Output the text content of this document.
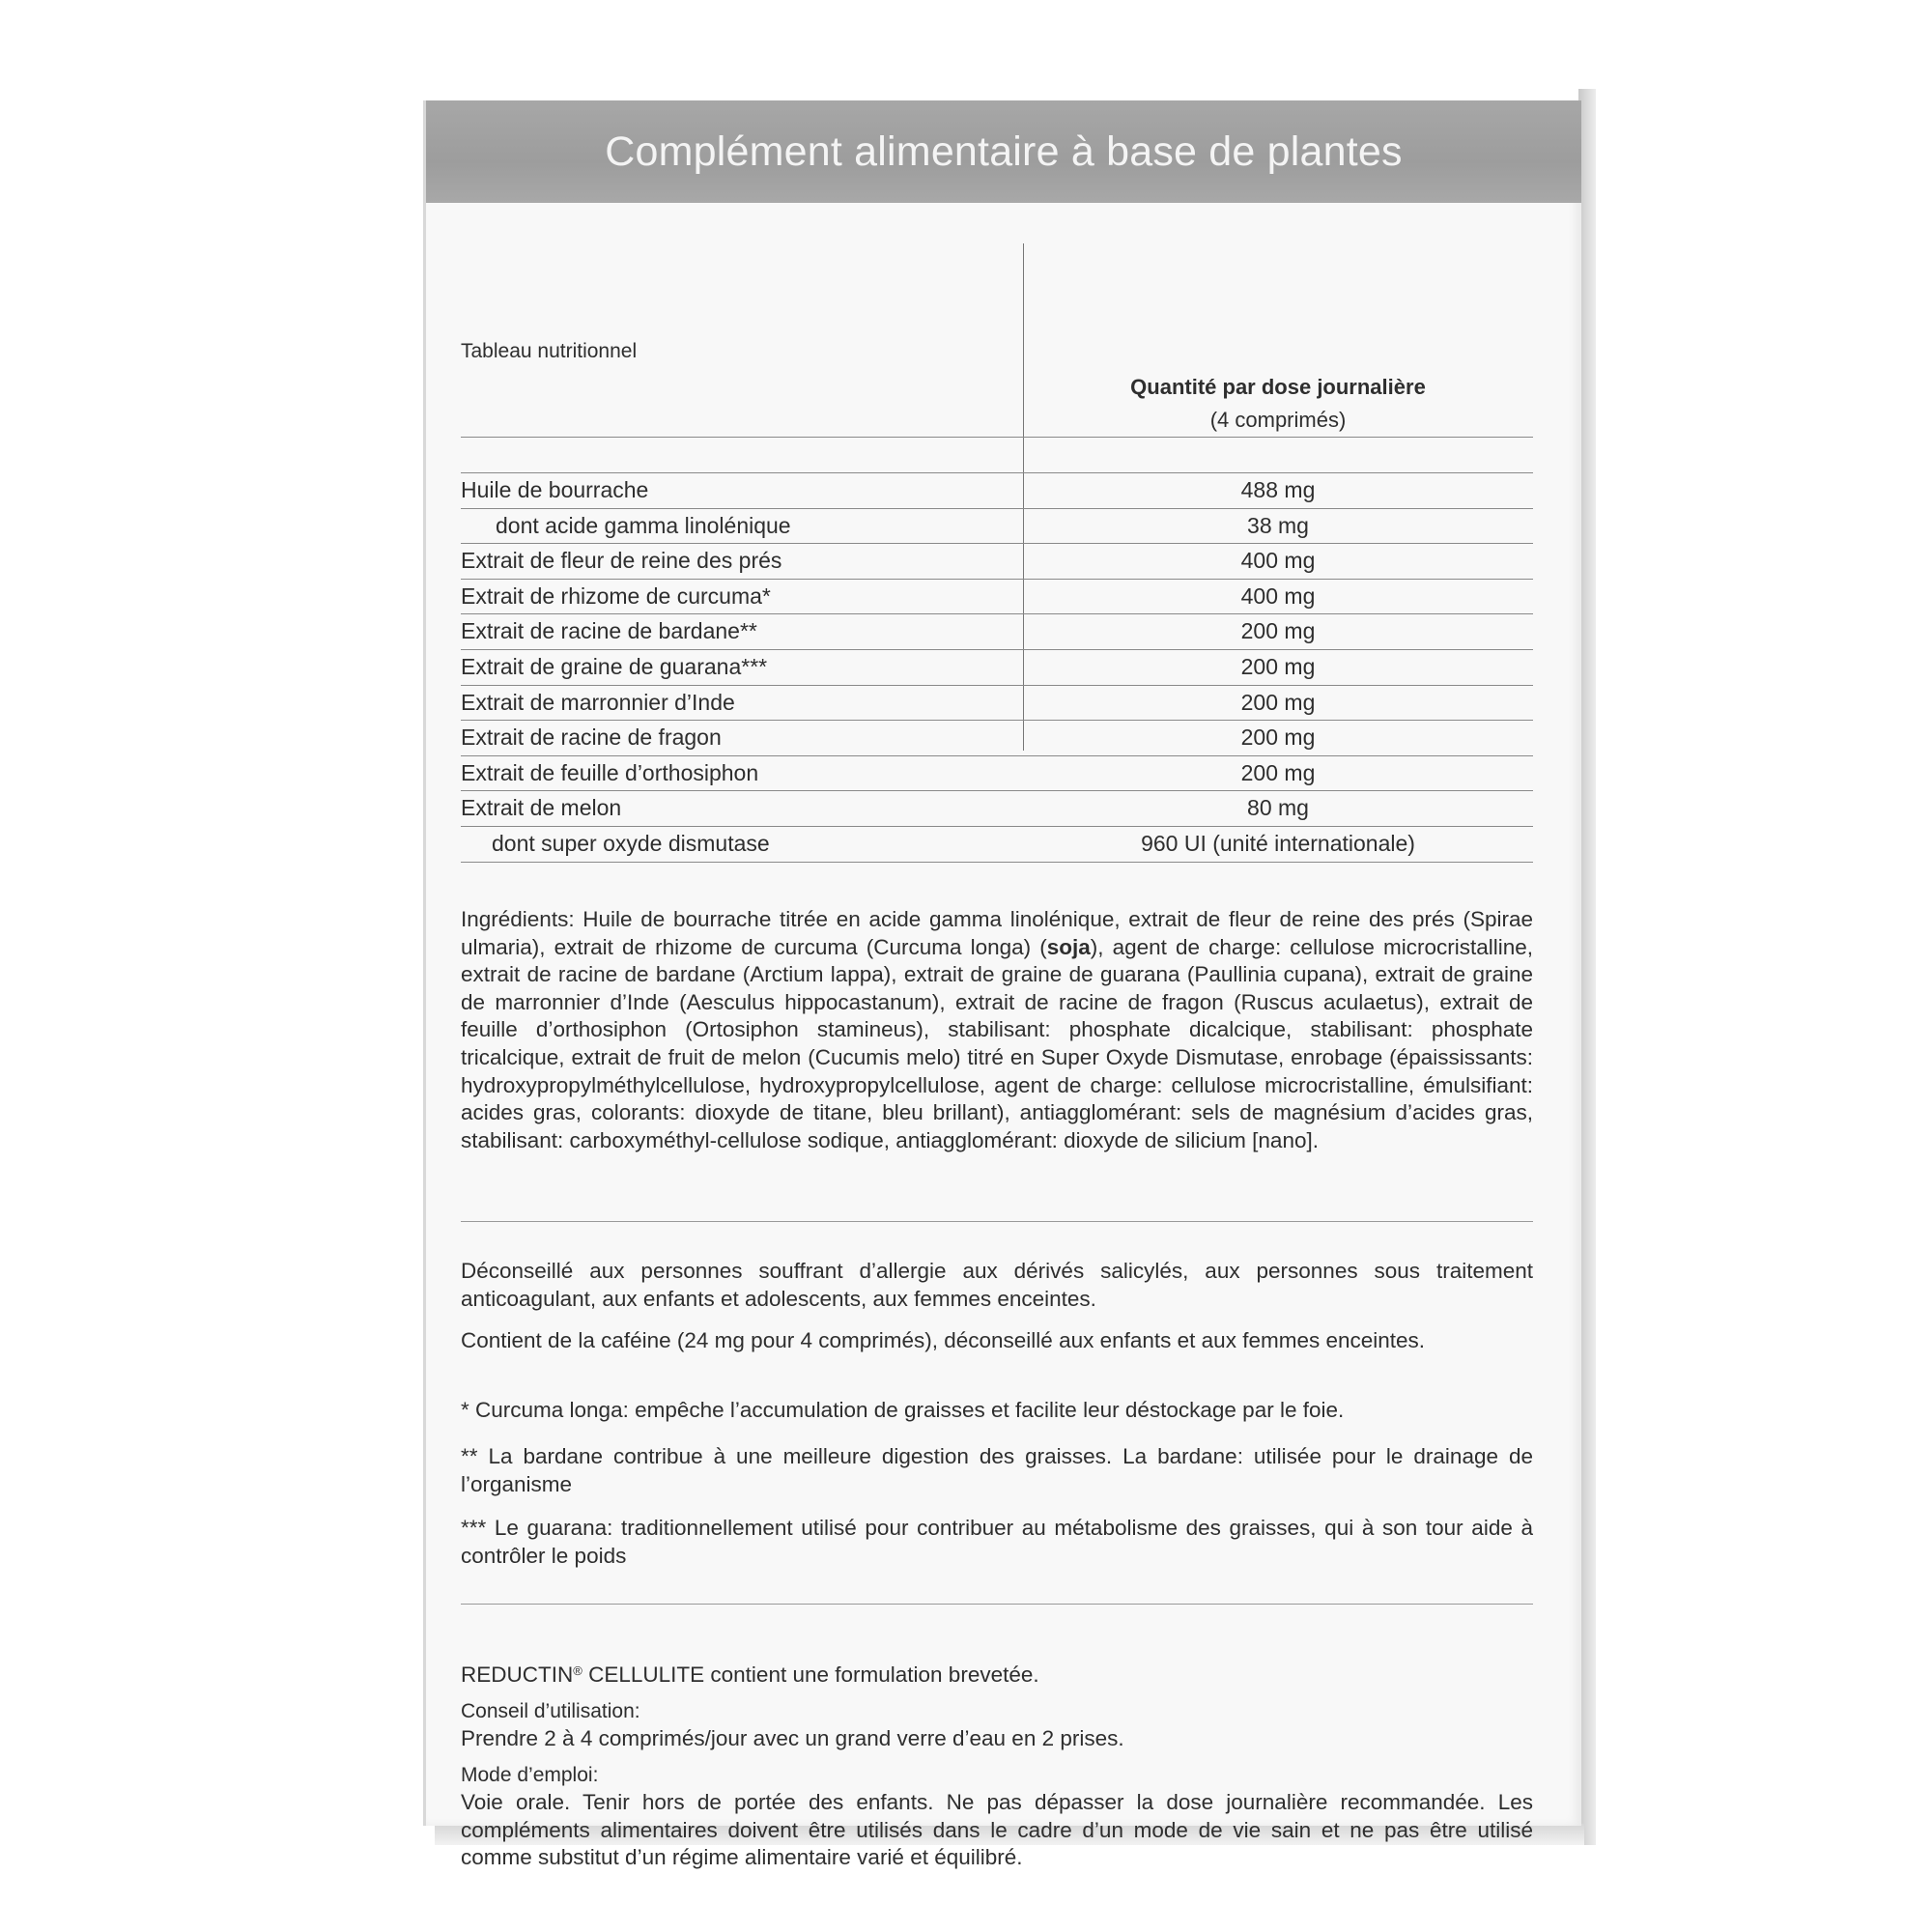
Complément alimentaire à base de plantes
Tableau nutritionnel
Quantité par dose journalière
(4 comprimés)
Huile de bourrache	488 mg
dont acide gamma linolénique	38 mg
Extrait de fleur de reine des prés	400 mg
Extrait de rhizome de curcuma*	400 mg
Extrait de racine de bardane**	200 mg
Extrait de graine de guarana***	200 mg
Extrait de marronnier d’Inde	200 mg
Extrait de racine de fragon	200 mg
Extrait de feuille d’orthosiphon	200 mg
Extrait de melon	80 mg
dont super oxyde dismutase	960 UI (unité internationale)

Ingrédients: Huile de bourrache titrée en acide gamma linolénique, extrait de fleur de reine des prés (Spirae ulmaria), extrait de rhizome de curcuma (Curcuma longa) (soja), agent de charge: cellulose microcristalline, extrait de racine de bardane (Arctium lappa), extrait de graine de guarana (Paullinia cupana), extrait de graine de marronnier d’Inde (Aesculus hippocastanum), extrait de racine de fragon (Ruscus aculaetus), extrait de feuille d’orthosiphon (Ortosiphon stamineus), stabilisant: phosphate dicalcique, stabilisant: phosphate tricalcique, extrait de fruit de melon (Cucumis melo) titré en Super Oxyde Dismutase, enrobage (épaississants: hydroxypropylméthylcellulose, hydroxypropylcellulose, agent de charge: cellulose microcristalline, émulsifiant: acides gras, colorants: dioxyde de titane, bleu brillant), antiagglomérant: sels de magnésium d’acides gras, stabilisant: carboxyméthyl-cellulose sodique, antiagglomérant: dioxyde de silicium [nano].

Déconseillé aux personnes souffrant d’allergie aux dérivés salicylés, aux personnes sous traitement anticoagulant, aux enfants et adolescents, aux femmes enceintes.

Contient de la caféine (24 mg pour 4 comprimés), déconseillé aux enfants et aux femmes enceintes.

* Curcuma longa: empêche l’accumulation de graisses et facilite leur déstockage par le foie.

** La bardane contribue à une meilleure digestion des graisses. La bardane: utilisée pour le drainage de l’organisme

*** Le guarana: traditionnellement utilisé pour contribuer au métabolisme des graisses, qui à son tour aide à contrôler le poids

REDUCTIN® CELLULITE contient une formulation brevetée.
Conseil d’utilisation:
Prendre 2 à 4 comprimés/jour avec un grand verre d’eau en 2 prises.
Mode d’emploi:

Voie orale. Tenir hors de portée des enfants. Ne pas dépasser la dose journalière recommandée. Les compléments alimentaires doivent être utilisés dans le cadre d’un mode de vie sain et ne pas être utilisé comme substitut d’un régime alimentaire varié et équilibré.
